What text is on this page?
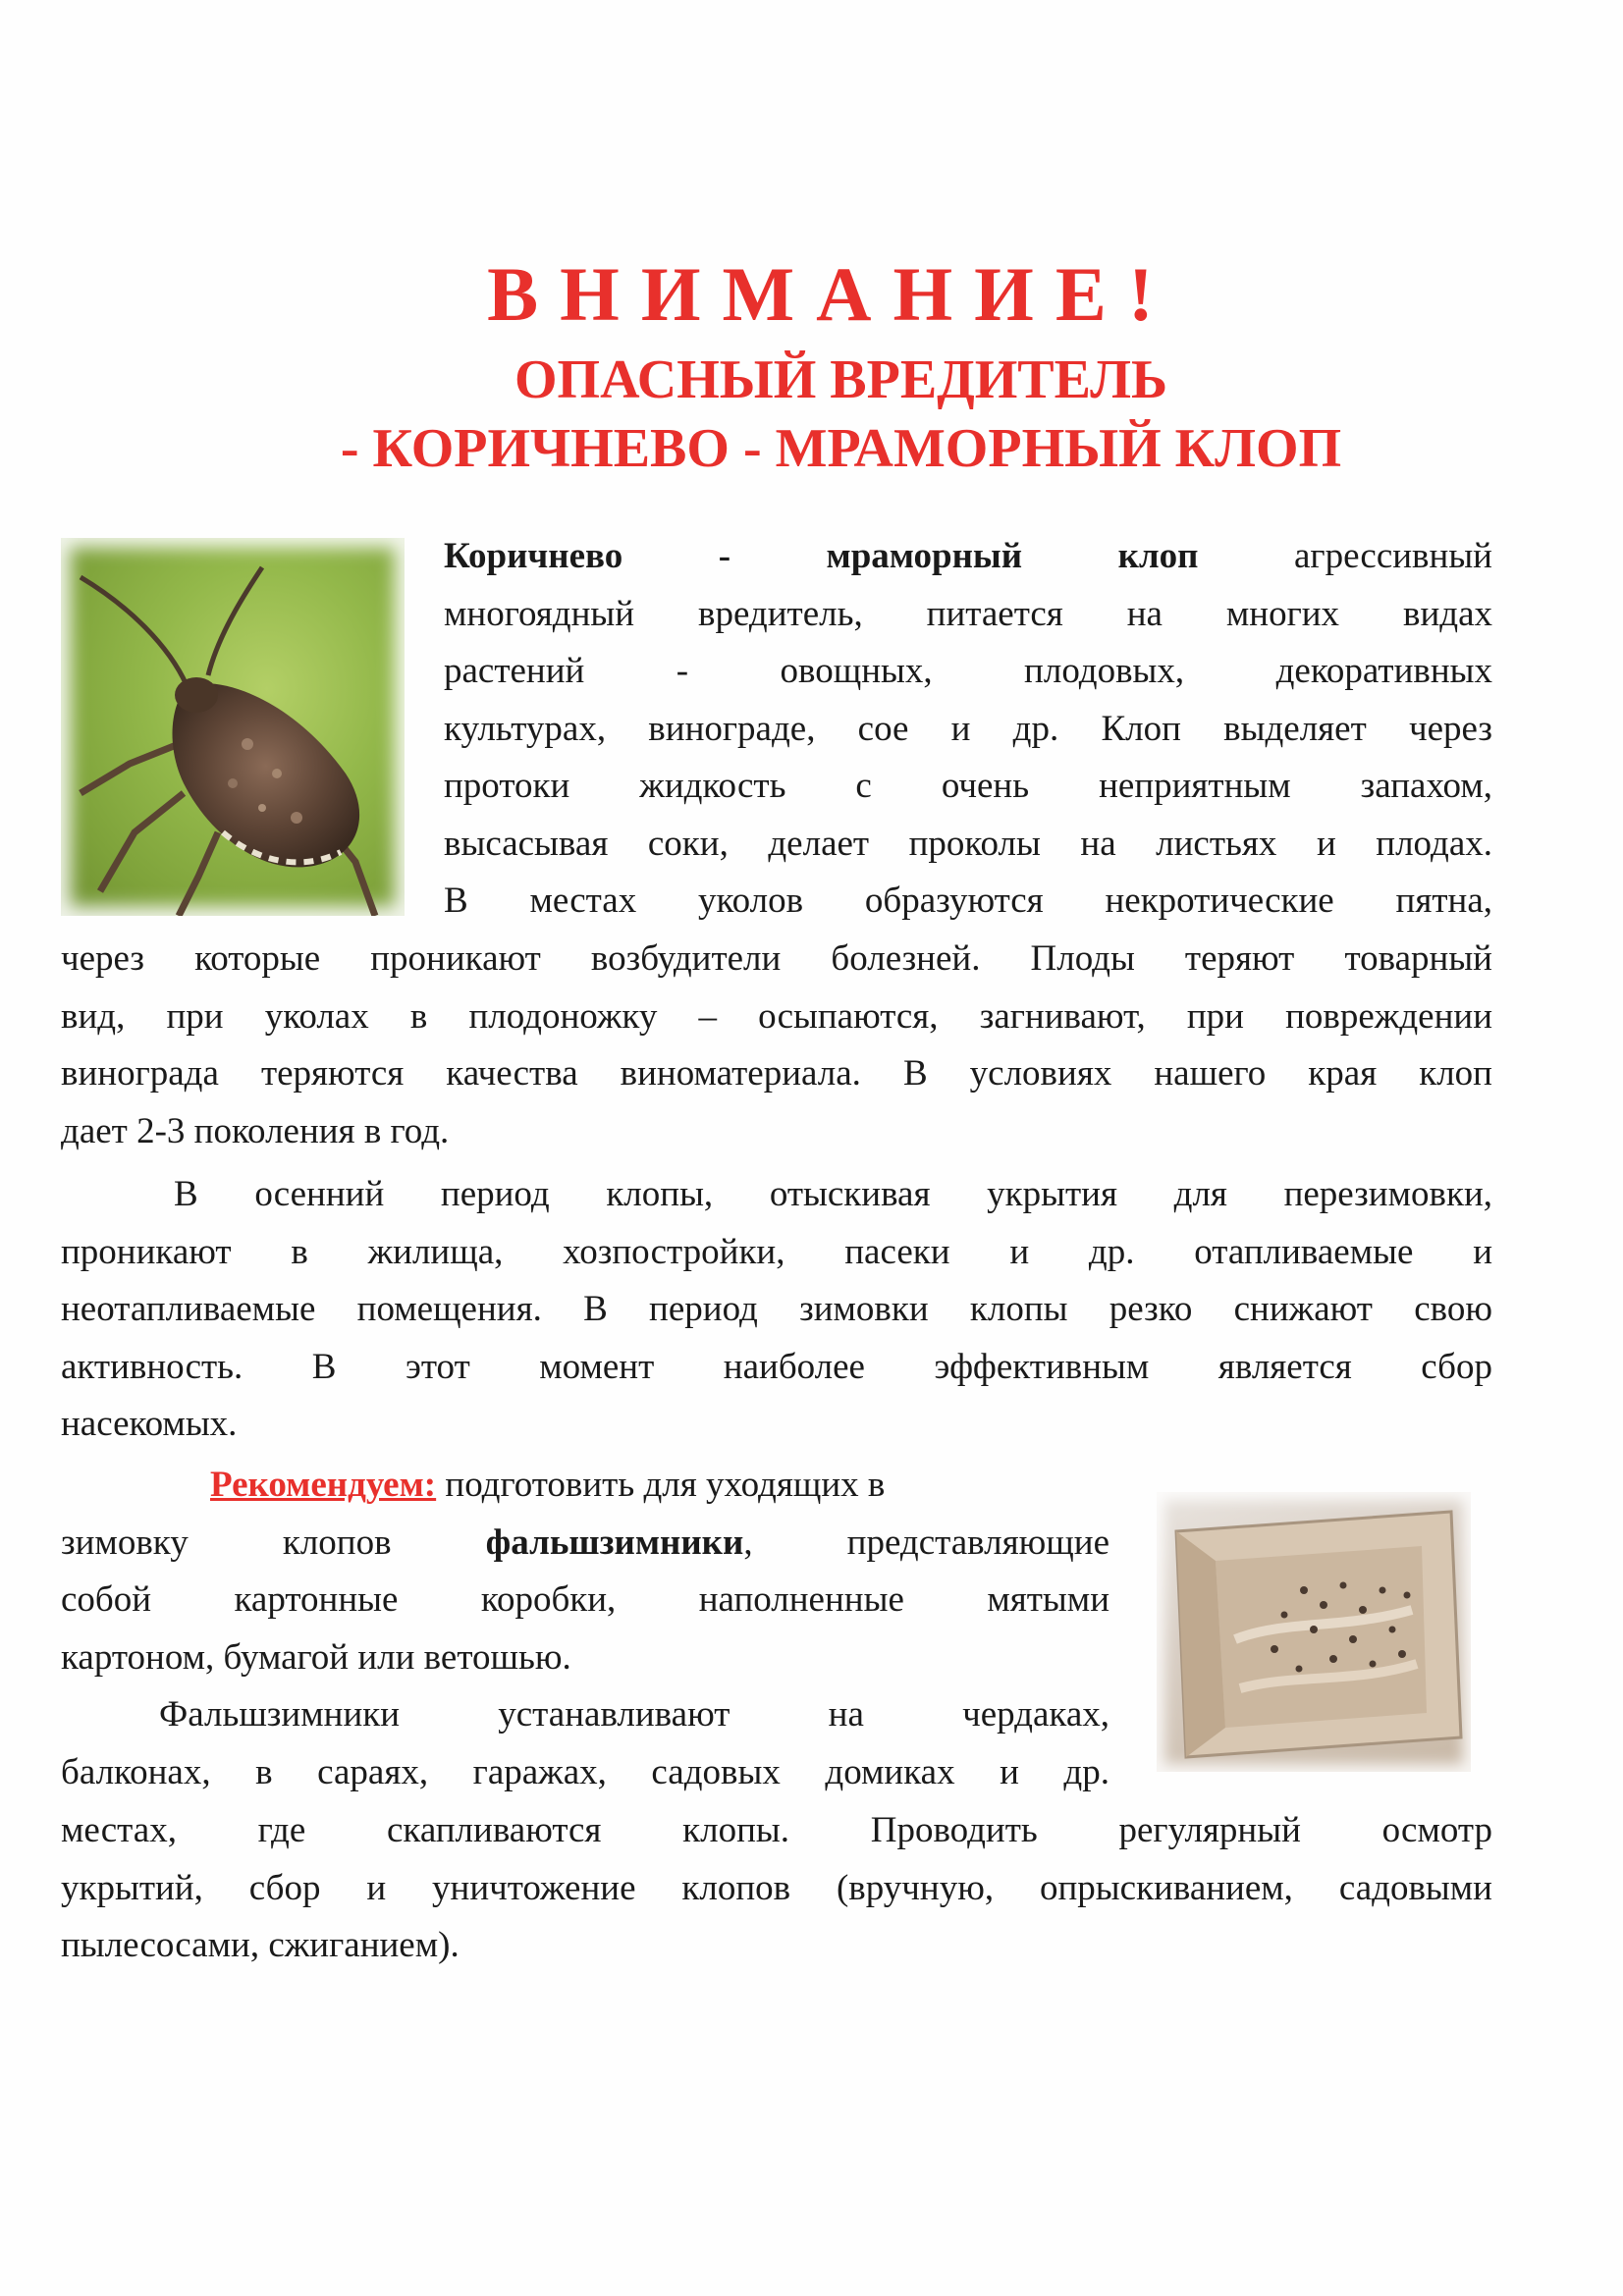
ВНИМАНИЕ!
ОПАСНЫЙ ВРЕДИТЕЛЬ
- КОРИЧНЕВО - МРАМОРНЫЙ КЛОП
Коричнево - мраморный клоп	агрессивный
многоядный вредитель, питается на многих видах
растений - овощных, плодовых, декоративных
культурах, винограде, сое и др. Клоп выделяет через
протоки жидкость с очень неприятным запахом,
высасывая соки, делает проколы на листьях и плодах.
В местах уколов образуются некротические пятна,
через которые проникают возбудители болезней. Плоды теряют товарный
вид, при уколах в плодоножку – осыпаются, загнивают, при повреждении
винограда теряются качества виноматериала. В условиях нашего края клоп
дает 2-3 поколения в год.
В осенний период клопы, отыскивая укрытия для перезимовки,
проникают в жилища, хозпостройки, пасеки и др. отапливаемые и
неотапливаемые помещения. В период зимовки клопы резко снижают свою
активность. В этот момент наиболее эффективным является сбор
насекомых.
Рекомендуем: подготовить для уходящих в
зимовку клопов фальшзимники, представляющие
собой картонные коробки, наполненные мятыми
картоном, бумагой или ветошью.
Фальшзимники устанавливают на чердаках,
балконах, в сараях, гаражах, садовых домиках и др.
местах, где скапливаются клопы. Проводить регулярный осмотр
укрытий, сбор и уничтожение клопов (вручную, опрыскиванием, садовыми
пылесосами, сжиганием).
